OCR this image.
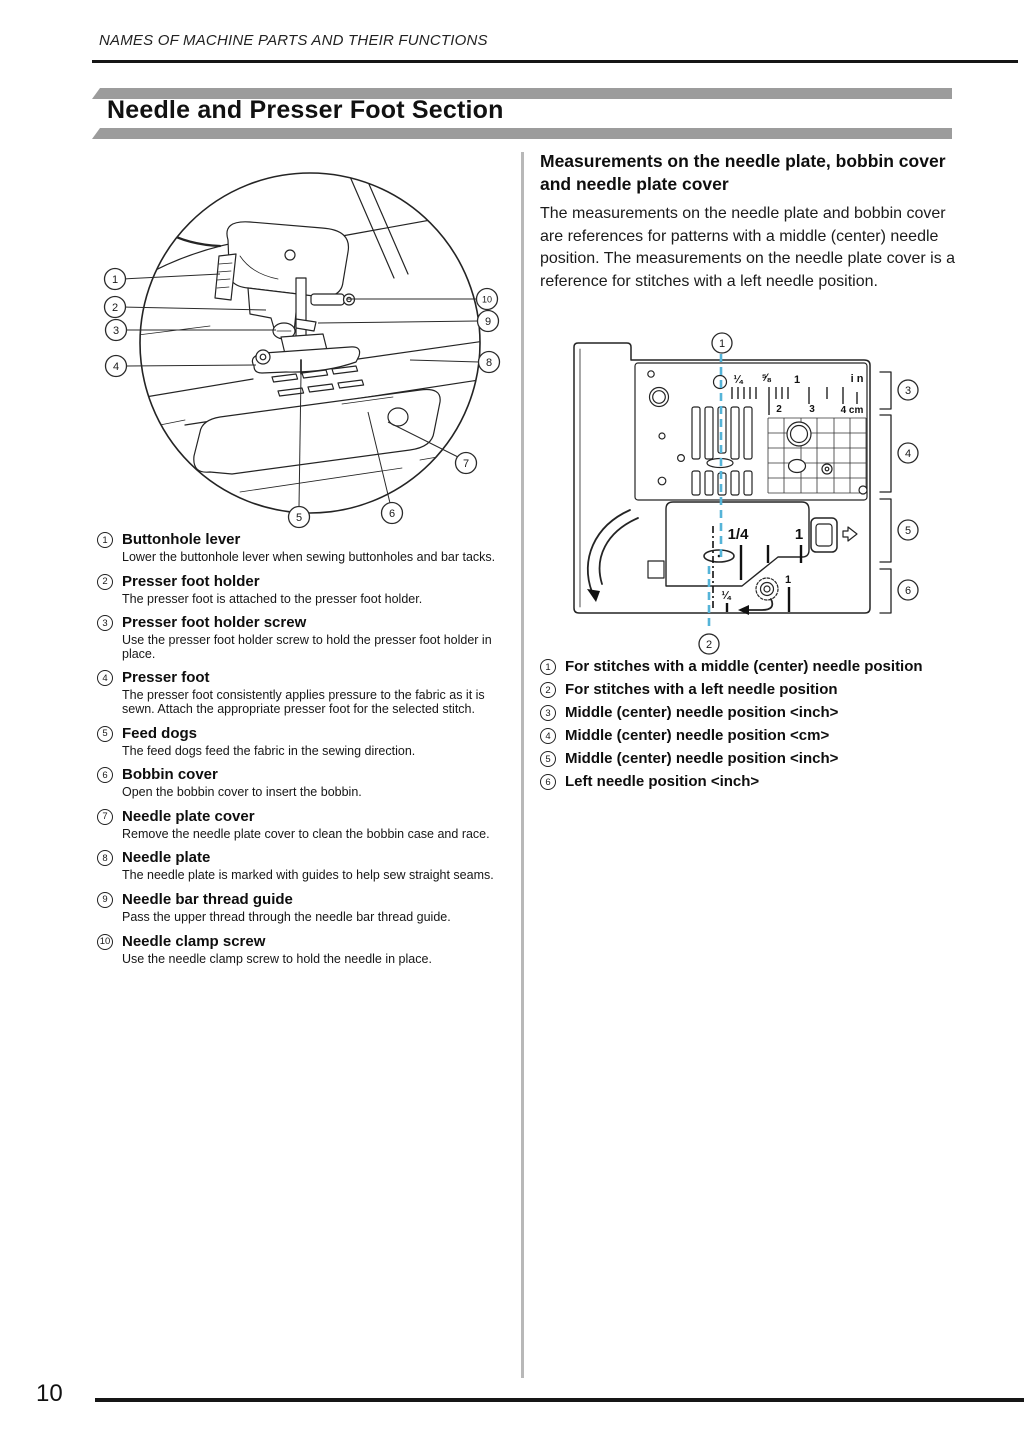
NAMES OF MACHINE PARTS AND THEIR FUNCTIONS
Needle and Presser Foot Section
1
2
3
4
5	6
7
8
9
10
1 Buttonhole lever
Lower the buttonhole lever when sewing buttonholes and bar tacks.
2 Presser foot holder
The presser foot is attached to the presser foot holder.
3 Presser foot holder screw
Use the presser foot holder screw to hold the presser foot holder in place.
4 Presser foot
The presser foot consistently applies pressure to the fabric as it is sewn. Attach the appropriate presser foot for the selected stitch.
5 Feed dogs
The feed dogs feed the fabric in the sewing direction.
6 Bobbin cover
Open the bobbin cover to insert the bobbin.
7 Needle plate cover
Remove the needle plate cover to clean the bobbin case and race.
8 Needle plate
The needle plate is marked with guides to help sew straight seams.
9 Needle bar thread guide
Pass the upper thread through the needle bar thread guide.
10 Needle clamp screw
Use the needle clamp screw to hold the needle in place.
Measurements on the needle plate, bobbin cover and needle plate cover
The measurements on the needle plate and bobbin cover are references for patterns with a middle (center) needle position. The measurements on the needle plate cover is a reference for stitches with a left needle position.
¼ ⅝ 1	i n
2	3	4 cm
1/4	1
¼
1
1
2
3
4
5
6
1 For stitches with a middle (center) needle position
2 For stitches with a left needle position
3 Middle (center) needle position <inch>
4 Middle (center) needle position <cm>
5 Middle (center) needle position <inch>
6 Left needle position <inch>
10
